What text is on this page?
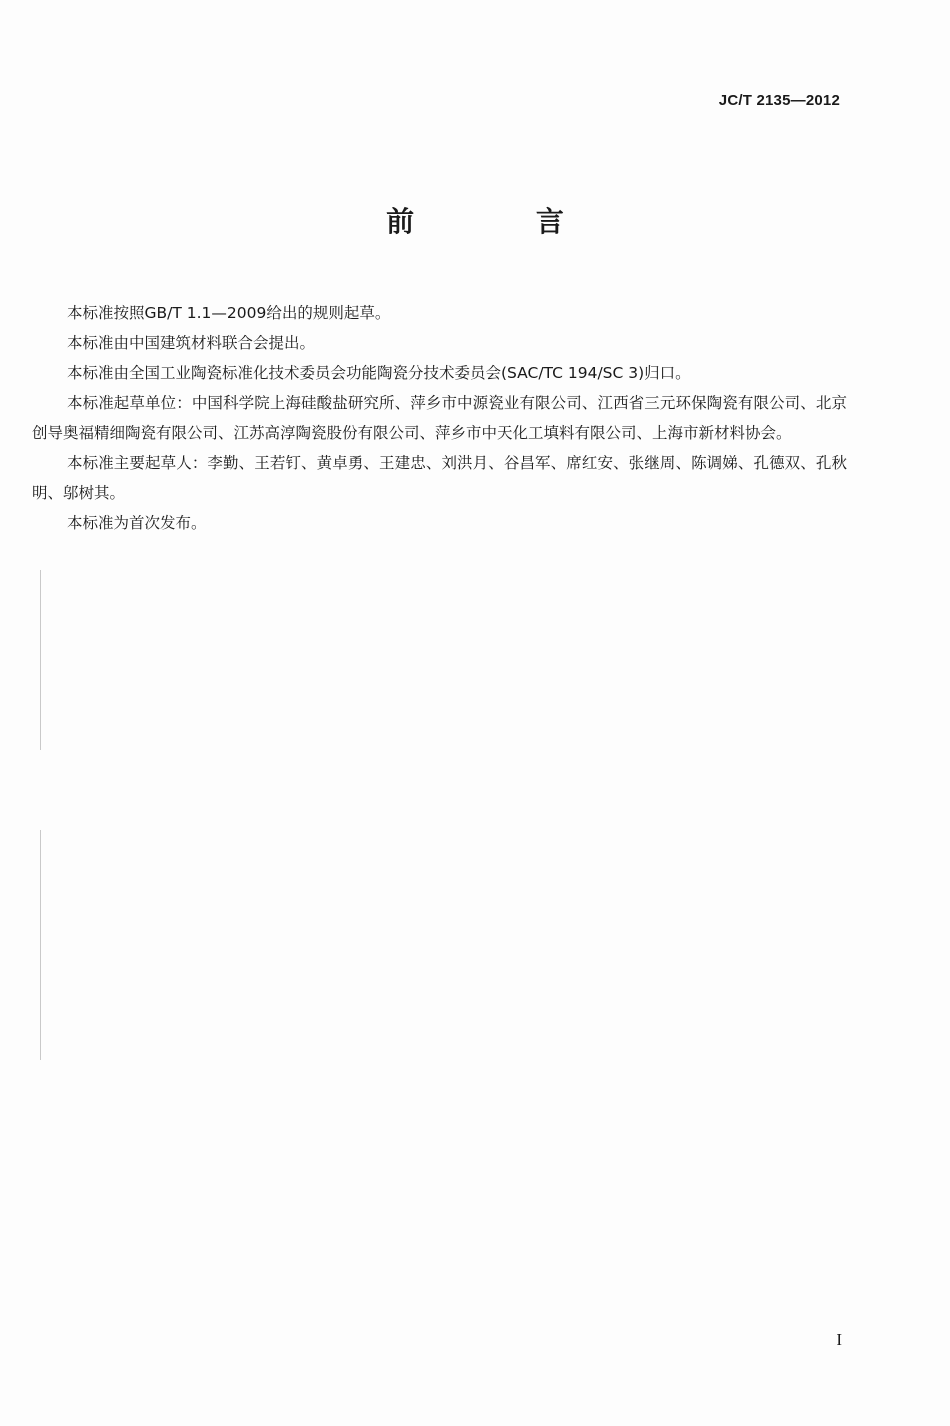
JC/T 2135—2012
前 言

本标准按照GB/T 1.1—2009给出的规则起草。

本标准由中国建筑材料联合会提出。

本标准由全国工业陶瓷标准化技术委员会功能陶瓷分技术委员会(SAC/TC 194/SC 3)归口。

本标准起草单位：中国科学院上海硅酸盐研究所、萍乡市中源瓷业有限公司、江西省三元环保陶瓷有限公司、北京创导奥福精细陶瓷有限公司、江苏高淳陶瓷股份有限公司、萍乡市中天化工填料有限公司、上海市新材料协会。

本标准主要起草人：李勤、王若钉、黄卓勇、王建忠、刘洪月、谷昌军、席红安、张继周、陈调娣、孔德双、孔秋明、邬树其。

本标准为首次发布。

I
